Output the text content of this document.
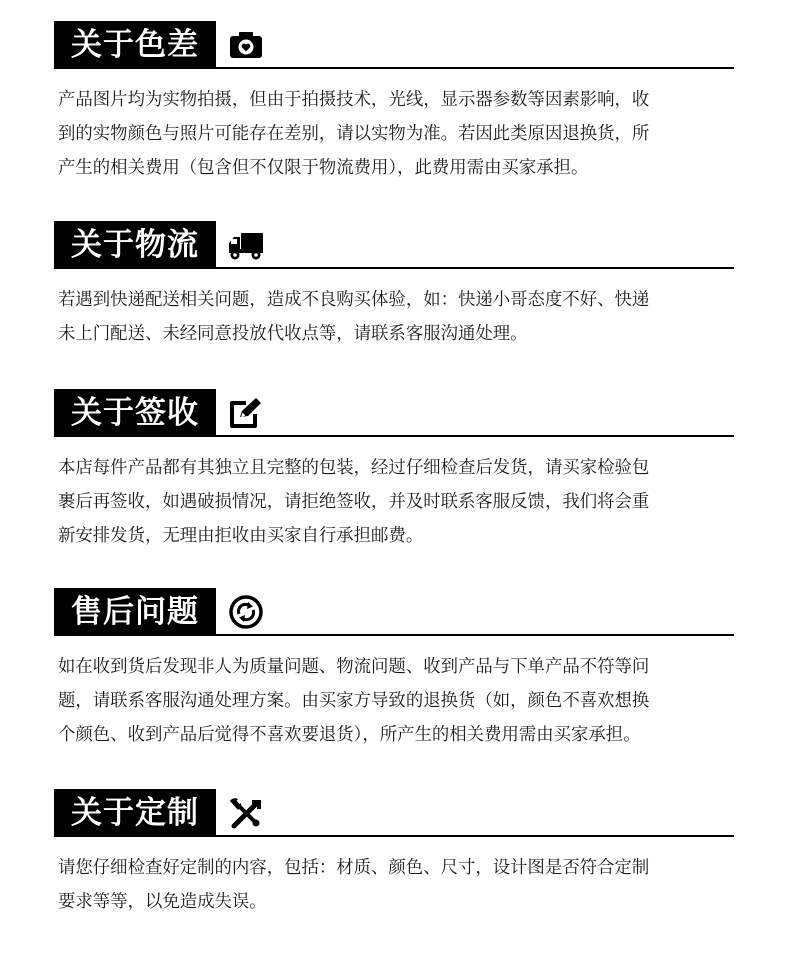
关于色差
产品图片均为实物拍摄，但由于拍摄技术，光线，显示器参数等因素影响，收
到的实物颜色与照片可能存在差别，请以实物为准。若因此类原因退换货，所
产生的相关费用（包含但不仅限于物流费用），此费用需由买家承担。
关于物流
若遇到快递配送相关问题，造成不良购买体验，如：快递小哥态度不好、快递
未上门配送、未经同意投放代收点等，请联系客服沟通处理。
关于签收
本店每件产品都有其独立且完整的包装，经过仔细检查后发货，请买家检验包
裹后再签收，如遇破损情况，请拒绝签收，并及时联系客服反馈，我们将会重
新安排发货，无理由拒收由买家自行承担邮费。
售后问题
如在收到货后发现非人为质量问题、物流问题、收到产品与下单产品不符等问
题，请联系客服沟通处理方案。由买家方导致的退换货（如，颜色不喜欢想换
个颜色、收到产品后觉得不喜欢要退货），所产生的相关费用需由买家承担。
关于定制
请您仔细检查好定制的内容，包括：材质、颜色、尺寸，设计图是否符合定制
要求等等，以免造成失误。
